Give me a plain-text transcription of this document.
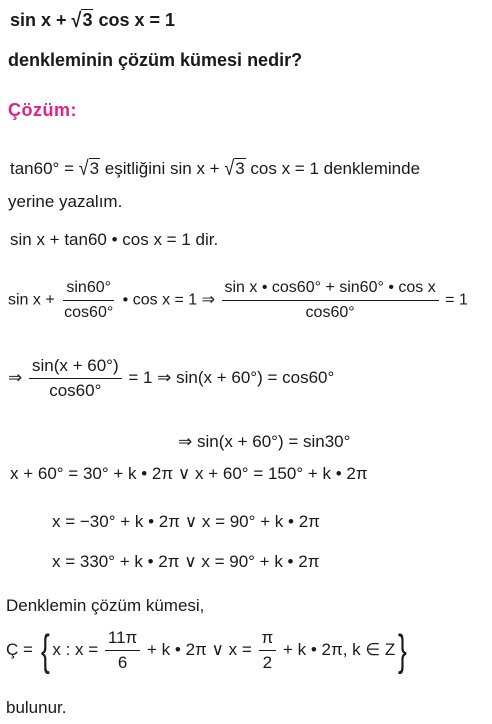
sin x + √3 cos x = 1
denkleminin çözüm kümesi nedir?
Çözüm:
tan60° = √3 eşitliğini sin x + √3 cos x = 1 denkleminde
yerine yazalım.
sin x + tan60 • cos x = 1 dir.
$\sin x + \frac{\sin 60^\circ}{\cos 60^\circ}$ • cos x = 1 ⇒ $\frac{\text{sin x • cos60° + sin60° • cos x}}{\cos 60^\circ} = 1$
⇒ $\frac{\sin(x + 60^\circ)}{\cos 60^\circ} = 1$ ⇒ sin(x + 60°) = cos60°
⇒ sin(x + 60°) = sin30°
x + 60° = 30° + k • 2π ∨ x + 60° = 150° + k • 2π
x = −30° + k • 2π ∨ x = 90° + k • 2π
x = 330° + k • 2π ∨ x = 90° + k • 2π
Denklemin çözüm kümesi,
Ç = { x : $x = \frac{11\pi}{6} + k$ • 2π ∨ $x = \frac{\pi}{2} + k$ • 2π, k ∈ Z}
bulunur.
